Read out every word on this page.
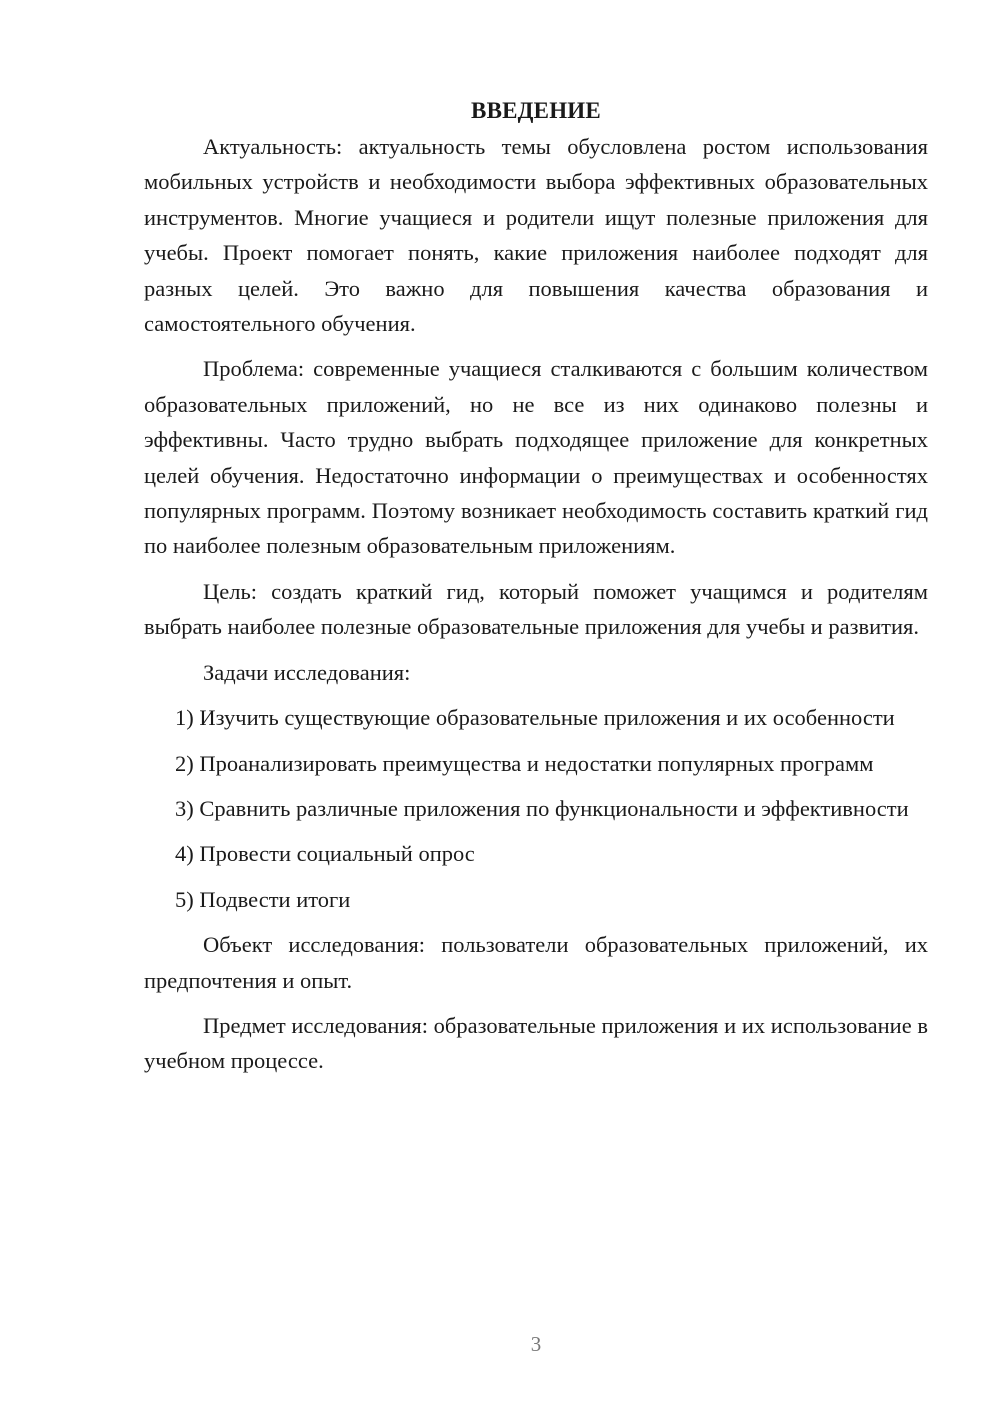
ВВЕДЕНИЕ

Актуальность: актуальность темы обусловлена ростом использования мобильных устройств и необходимости выбора эффективных образовательных инструментов. Многие учащиеся и родители ищут полезные приложения для учебы. Проект помогает понять, какие приложения наиболее подходят для разных целей. Это важно для повышения качества образования и самостоятельного обучения.

Проблема: современные учащиеся сталкиваются с большим количеством образовательных приложений, но не все из них одинаково полезны и эффективны. Часто трудно выбрать подходящее приложение для конкретных целей обучения. Недостаточно информации о преимуществах и особенностях популярных программ. Поэтому возникает необходимость составить краткий гид по наиболее полезным образовательным приложениям.

Цель: создать краткий гид, который поможет учащимся и родителям выбрать наиболее полезные образовательные приложения для учебы и развития.

Задачи исследования:

1) Изучить существующие образовательные приложения и их особенности

2) Проанализировать преимущества и недостатки популярных программ

3) Сравнить различные приложения по функциональности и эффективности

4) Провести социальный опрос

5) Подвести итоги

Объект исследования: пользователи образовательных приложений, их предпочтения и опыт.

Предмет исследования: образовательные приложения и их использование в учебном процессе.

3
